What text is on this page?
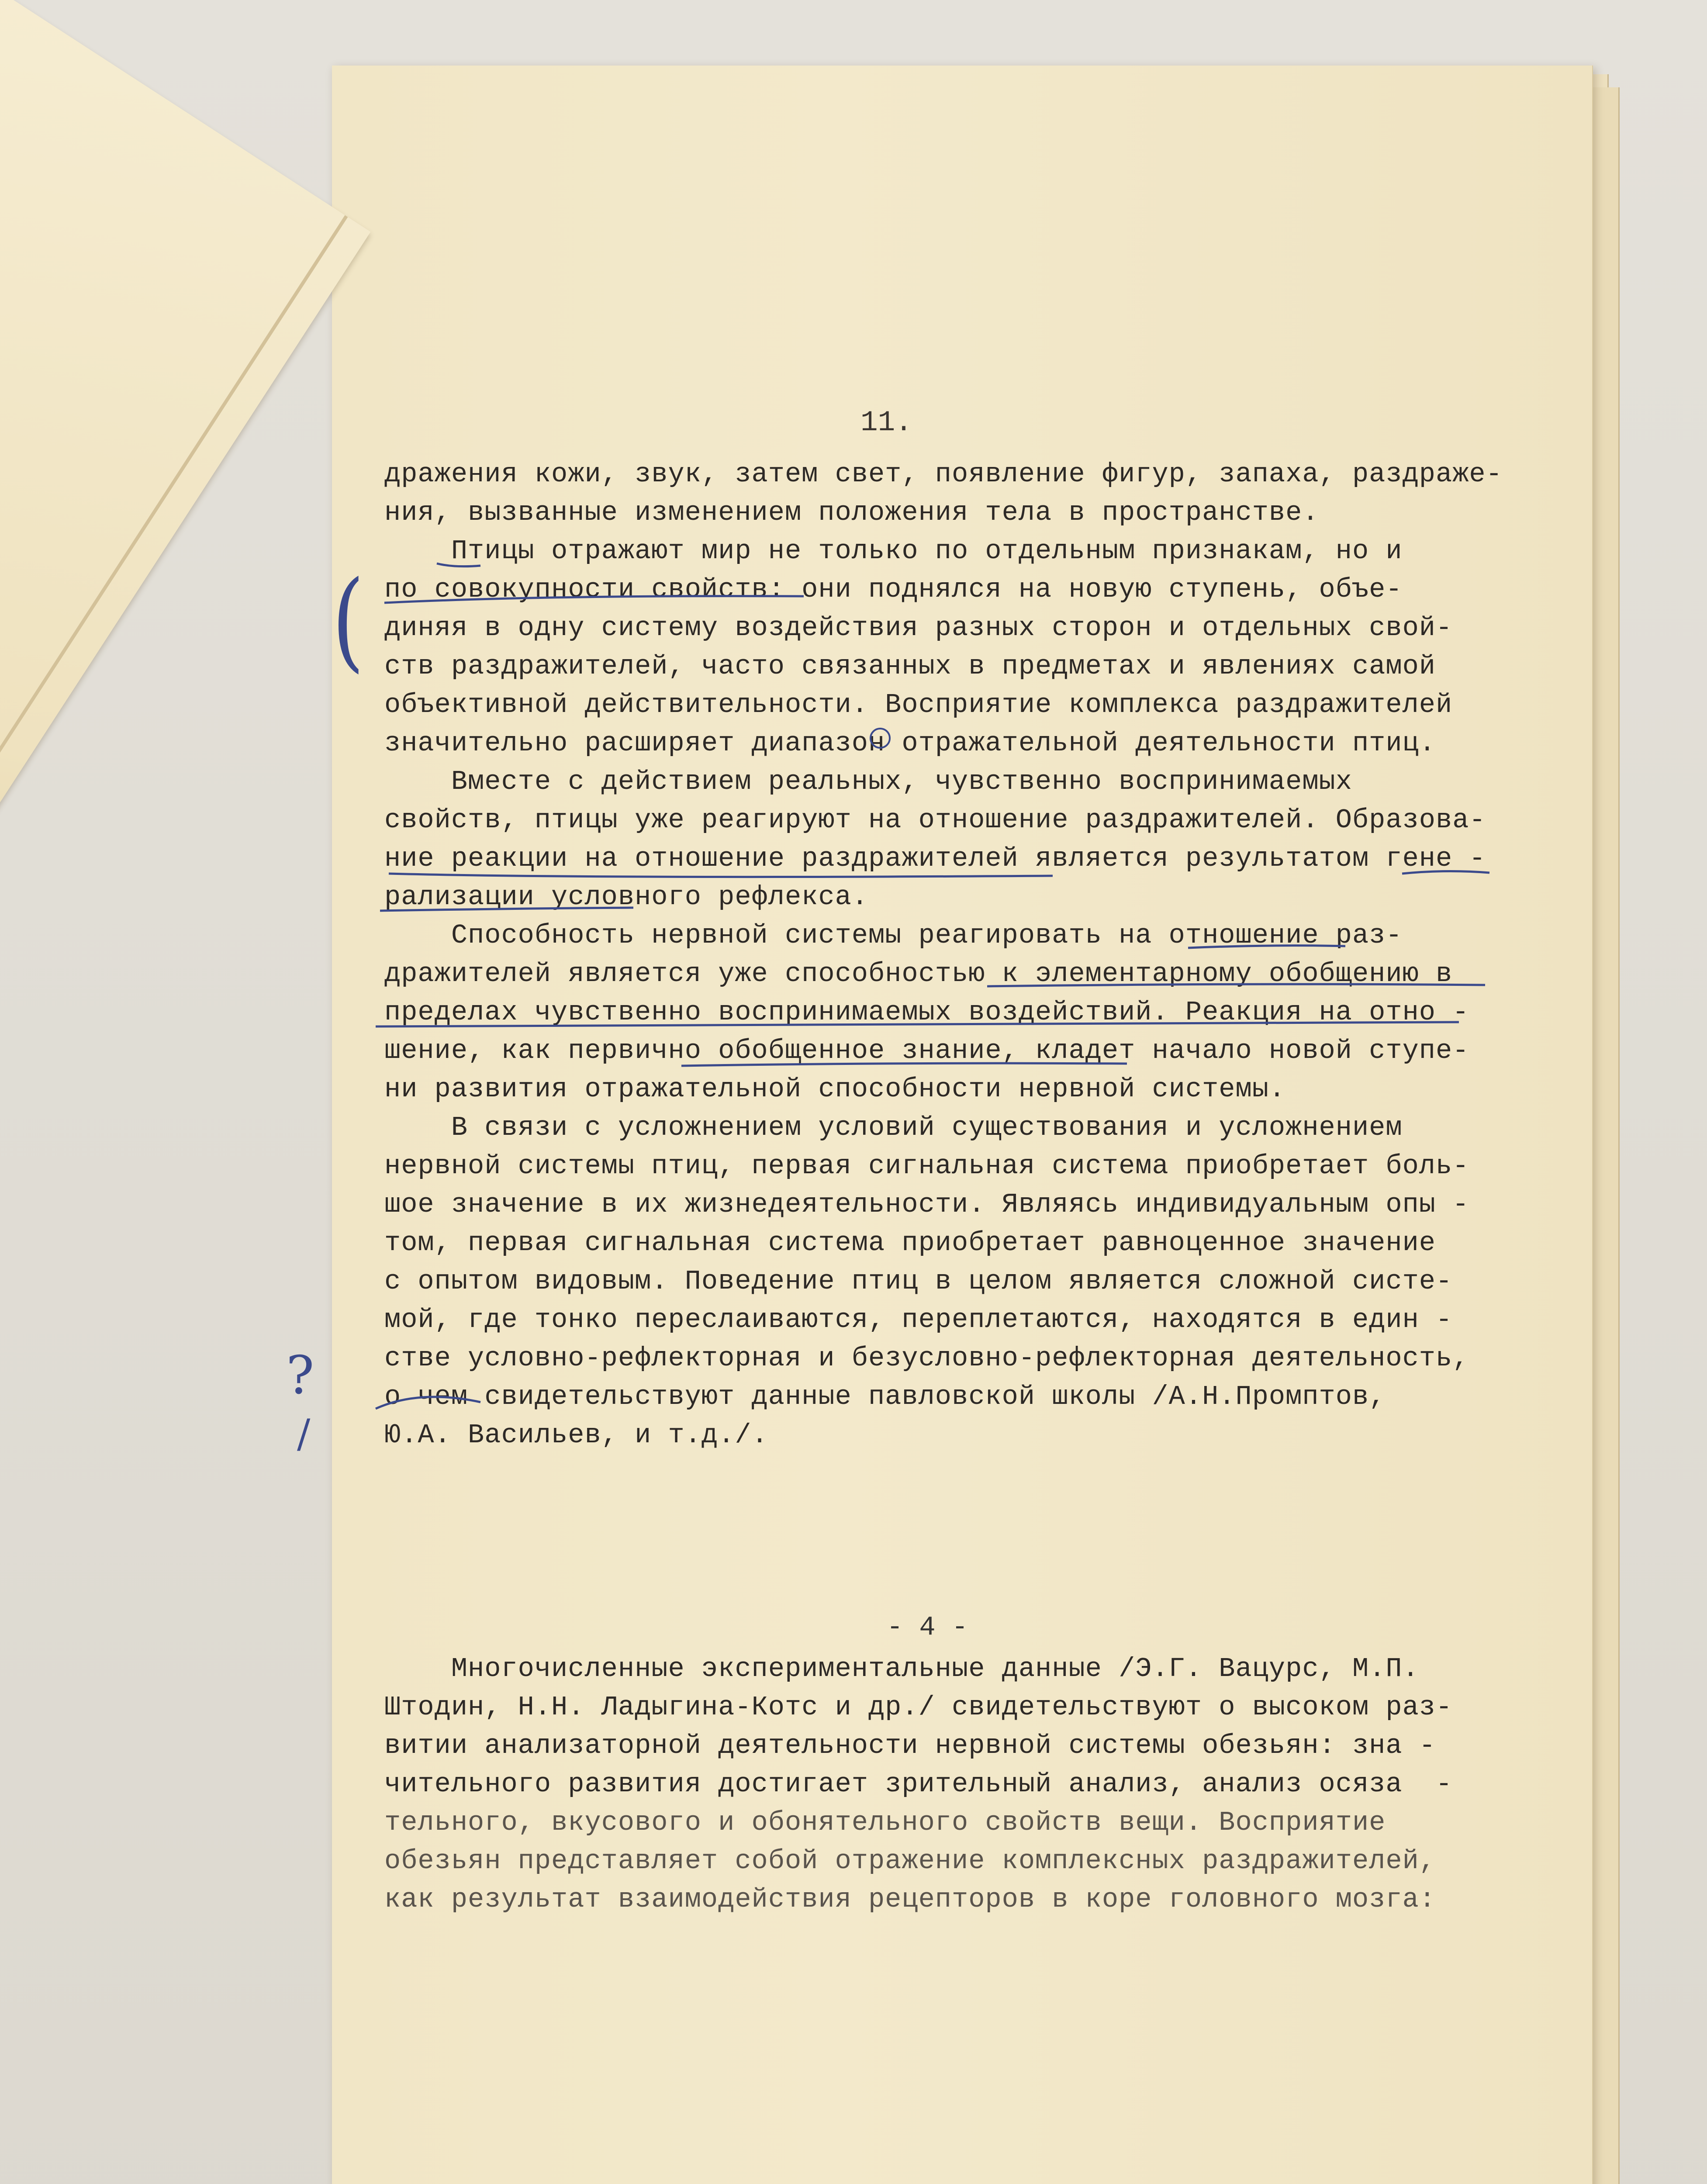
11.
дражения кожи, звук, затем свет, появление фигур, запаха, раздраже-
ния, вызванные изменением положения тела в пространстве.
Птицы отражают мир не только по отдельным признакам, но и
по совокупности свойств: они поднялся на новую ступень, объе-
диняя в одну систему воздействия разных сторон и отдельных свой-
ств раздражителей, часто связанных в предметах и явлениях самой
объективной действительности. Восприятие комплекса раздражителей
значительно расширяет диапазон отражательной деятельности птиц.
Вместе с действием реальных, чувственно воспринимаемых
свойств, птицы уже реагируют на отношение раздражителей. Образова-
ние реакции на отношение раздражителей является результатом гене -
рализации условного рефлекса.
Способность нервной системы реагировать на отношение раз-
дражителей является уже способностью к элементарному обобщению в
пределах чувственно воспринимаемых воздействий. Реакция на отно -
шение, как первично обобщенное знание, кладет начало новой ступе-
ни развития отражательной способности нервной системы.
В связи с усложнением условий существования и усложнением
нервной системы птиц, первая сигнальная система приобретает боль-
шое значение в их жизнедеятельности. Являясь индивидуальным опы -
том, первая сигнальная система приобретает равноценное значение
с опытом видовым. Поведение птиц в целом является сложной систе-
мой, где тонко переслаиваются, переплетаются, находятся в един -
стве условно-рефлекторная и безусловно-рефлекторная деятельность,
о чем свидетельствуют данные павловской школы /А.Н.Промптов,
Ю.А. Васильев, и т.д./.
Многочисленные экспериментальные данные /Э.Г. Вацурс, М.П.
Штодин, Н.Н. Ладыгина-Котс и др./ свидетельствуют о высоком раз-
витии анализаторной деятельности нервной системы обезьян: зна -
чительного развития достигает зрительный анализ, анализ осяза  -
тельного, вкусового и обонятельного свойств вещи. Восприятие
обезьян представляет собой отражение комплексных раздражителей,
как результат взаимодействия рецепторов в коре головного мозга:
- 4 -
(
?
/
